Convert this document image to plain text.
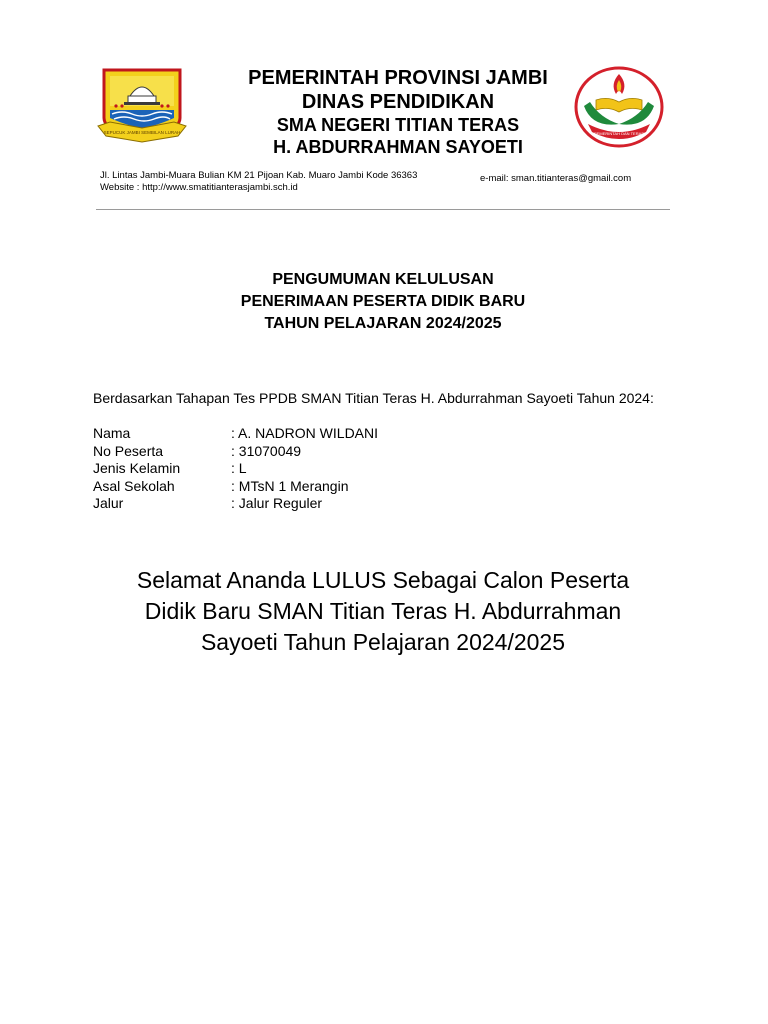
SEPUCUK JAMBI SEMBILAN LURAH
PEMERINTAH PROVINSI JAMBI
DINAS PENDIDIKAN
SMA NEGERI TITIAN TERAS
H. ABDURRAHMAN SAYOETI
PEMERINTAH DAN TERAS
Jl. Lintas Jambi-Muara Bulian KM 21 Pijoan Kab. Muaro Jambi Kode 36363
Website : http://www.smatitianterasjambi.sch.id
e-mail: sman.titianteras@gmail.com
PENGUMUMAN KELULUSAN
PENERIMAAN PESERTA DIDIK BARU
TAHUN PELAJARAN 2024/2025
Berdasarkan Tahapan Tes PPDB SMAN Titian Teras H. Abdurrahman Sayoeti Tahun 2024:
Nama	: A. NADRON WILDANI
No Peserta	: 31070049
Jenis Kelamin	: L
Asal Sekolah	: MTsN 1 Merangin
Jalur	: Jalur Reguler
Selamat Ananda LULUS Sebagai Calon Peserta
Didik Baru SMAN Titian Teras H. Abdurrahman
Sayoeti Tahun Pelajaran 2024/2025
